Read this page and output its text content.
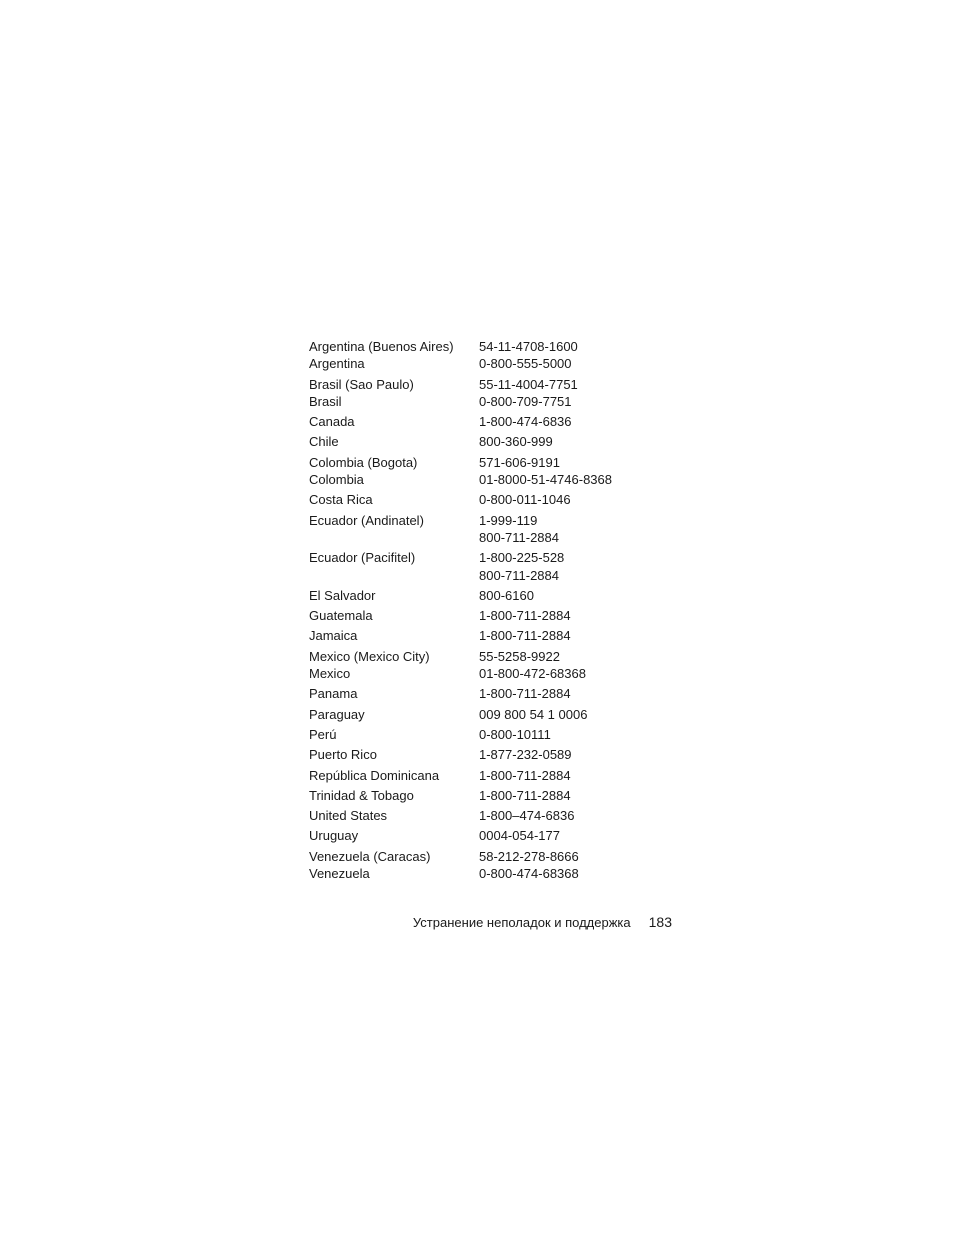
Argentina (Buenos Aires)	54-11-4708-1600
Argentina	0-800-555-5000
Brasil (Sao Paulo)	55-11-4004-7751
Brasil	0-800-709-7751
Canada	1-800-474-6836
Chile	800-360-999
Colombia (Bogota)	571-606-9191
Colombia	01-8000-51-4746-8368
Costa Rica	0-800-011-1046
Ecuador (Andinatel)	1-999-119
800-711-2884
Ecuador (Pacifitel)	1-800-225-528
800-711-2884
El Salvador	800-6160
Guatemala	1-800-711-2884
Jamaica	1-800-711-2884
Mexico (Mexico City)	55-5258-9922
Mexico	01-800-472-68368
Panama	1-800-711-2884
Paraguay	009 800 54 1 0006
Perú	0-800-10111
Puerto Rico	1-877-232-0589
República Dominicana	1-800-711-2884
Trinidad & Tobago	1-800-711-2884
United States	1-800–474-6836
Uruguay	0004-054-177
Venezuela (Caracas)	58-212-278-8666
Venezuela	0-800-474-68368
Устранение неполадок и поддержка 183
